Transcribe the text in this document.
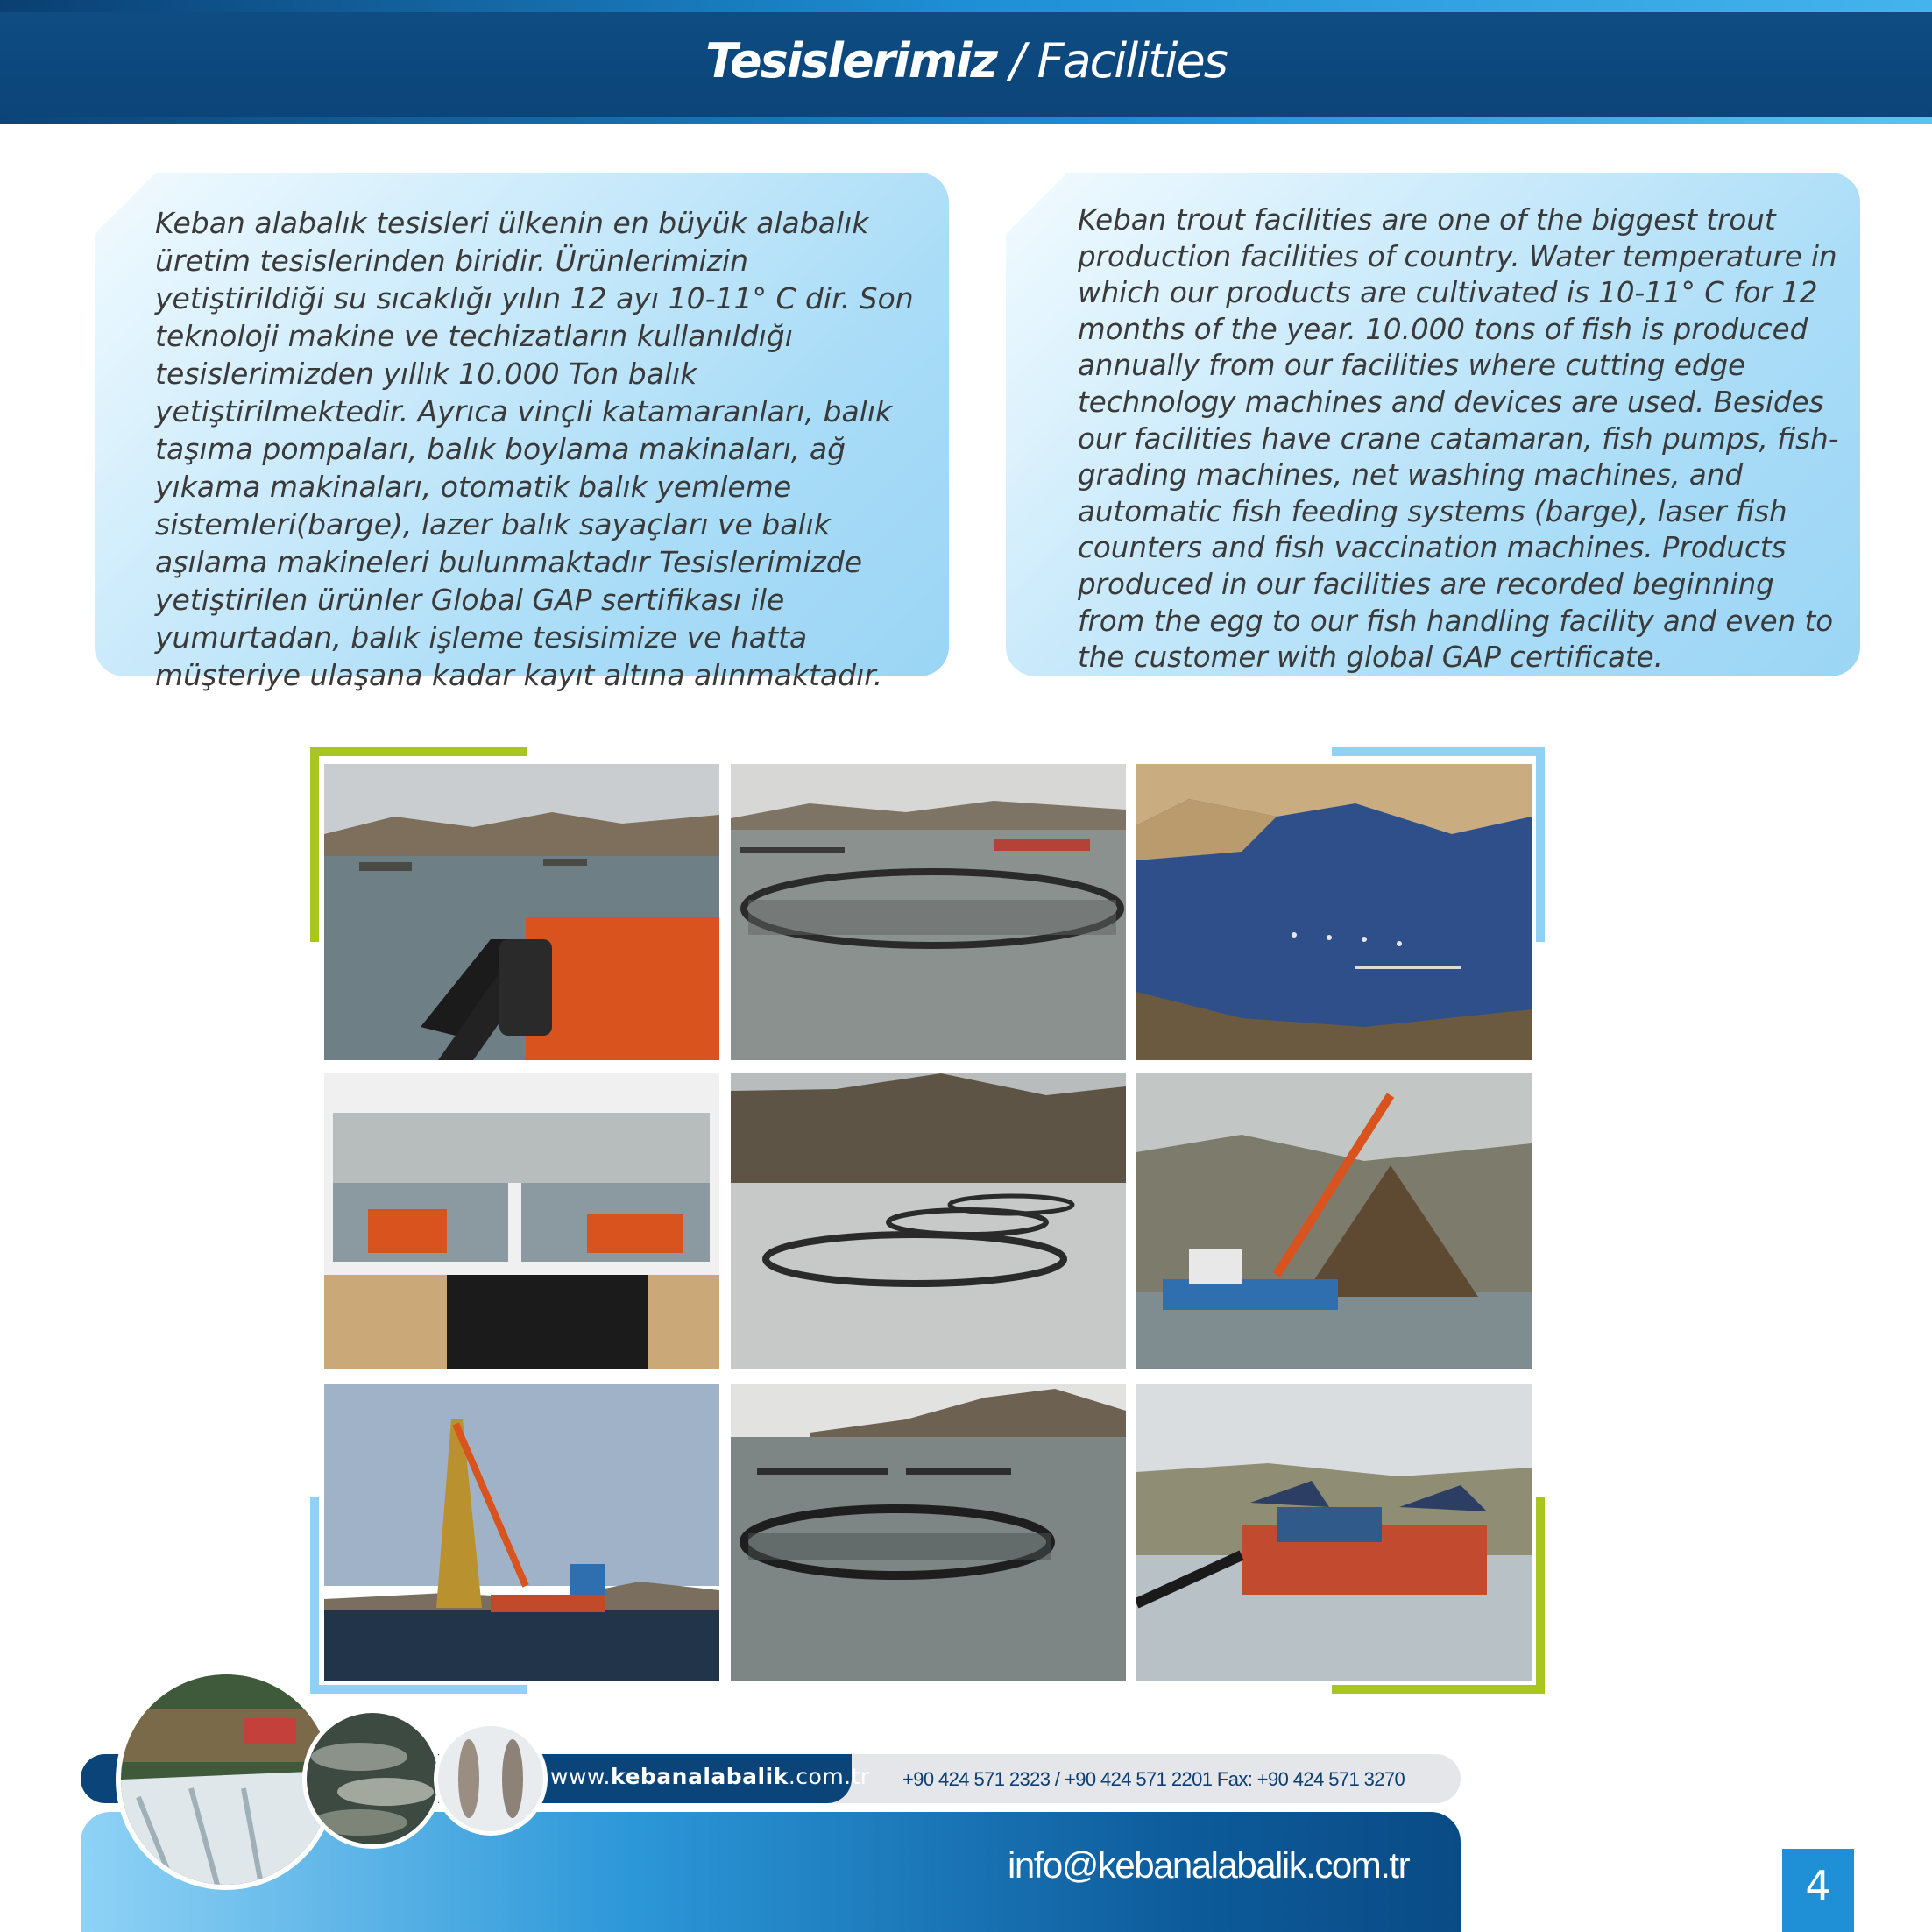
Tesislerimiz / Facilities

Keban alabalık tesisleri ülkenin en büyük alabalık üretim tesislerinden biridir. Ürünlerimizin yetiştirildiği su sıcaklığı yılın 12 ayı 10-11° C dir. Son teknoloji makine ve techizatların kullanıldığı tesislerimizden yıllık 10.000 Ton balık yetiştirilmektedir. Ayrıca vinçli katamaranları, balık taşıma pompaları, balık boylama makinaları, ağ yıkama makinaları, otomatik balık yemleme sistemleri(barge), lazer balık sayaçları ve balık aşılama makineleri bulunmaktadır Tesislerimizde yetiştirilen ürünler Global GAP sertifikası ile yumurtadan, balık işleme tesisimize ve hatta müşteriye ulaşana kadar kayıt altına alınmaktadır.

Keban trout facilities are one of the biggest trout production facilities of country. Water temperature in which our products are cultivated is 10-11° C for 12 months of the year. 10.000 tons of fish is produced annually from our facilities where cutting edge technology machines and devices are used. Besides our facilities have crane catamaran, fish pumps, fish-grading machines, net washing machines, and automatic fish feeding systems (barge), laser fish counters and fish vaccination machines. Products produced in our facilities are recorded beginning from the egg to our fish handling facility and even to the customer with global GAP certificate.

www.kebanalabalik.com.tr +90 424 571 2323 / +90 424 571 2201 Fax: +90 424 571 3270

info@kebanalabalik.com.tr	4
